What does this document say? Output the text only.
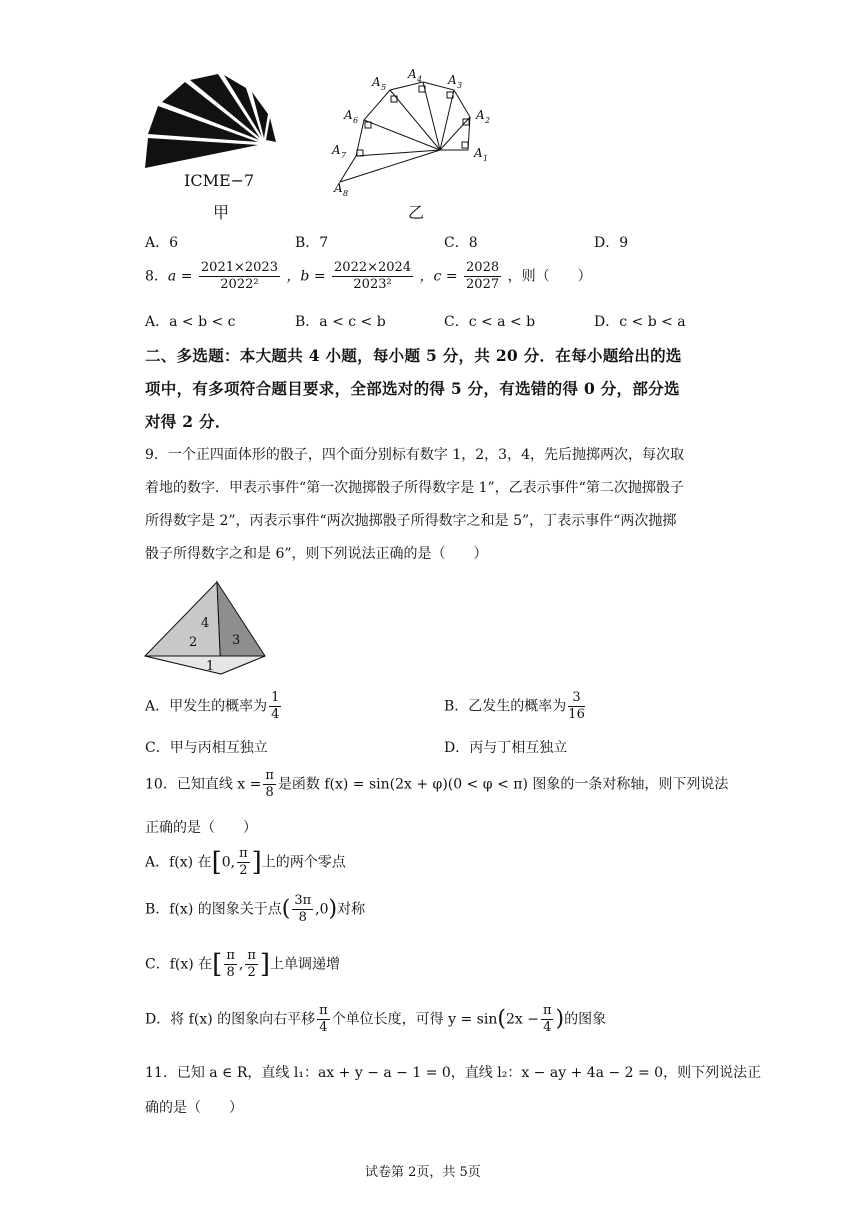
ICME−7
甲
A 1
A 2
A 3
A 4
A 5
A 6
A 7
A 8
乙
A．6	B．7	C．8	D．9
8．$a = \frac{2021\times 2023}{\text{2022²}}$ ，$b = \frac{2022\times 2024}{\text{2023²}}$ ，$c = \frac{2028}{2027}$ ，则（　　）
A．a < b < c	B．a < c < b	C．c < a < b	D．c < b < a
二、多选题：本大题共 4 小题，每小题 5 分，共 20 分．在每小题给出的选
项中，有多项符合题目要求，全部选对的得 5 分，有选错的得 0 分，部分选
对得 2 分．
9．一个正四面体形的骰子，四个面分别标有数字 1，2，3，4，先后抛掷两次，每次取
着地的数字．甲表示事件“第一次抛掷骰子所得数字是 1”，乙表示事件“第二次抛掷骰子
所得数字是 2”，丙表示事件“两次抛掷骰子所得数字之和是 5”，丁表示事件“两次抛掷
骰子所得数字之和是 6”，则下列说法正确的是（　　）
4
2	3
1
A．甲发生的概率为 $\frac{1}{4}$	B．乙发生的概率为 $\frac{3}{16}$
C．甲与丙相互独立	D．丙与丁相互独立
10．已知直线 $x = \frac{\pi}{8}$ 是函数 f(x) = sin(2x + φ)(0 < φ < π) 图象的一条对称轴，则下列说法
正确的是（　　）
A．f(x) 在[0, $\frac{\pi}{2}$ ]上的两个零点
B．f(x) 的图象关于点( $\frac{3\pi}{8} ,0$)对称
C．f(x) 在[ $\frac{\pi}{8}$ , $\frac{\pi}{2}$ ]上单调递增
D．将 f(x) 的图象向右平移 $\frac{\pi}{4}$ 个单位长度，可得 $y = \sin(2x - \frac{\pi}{4}$ )的图象
11．已知 a ∈ R，直线 l₁：ax + y − a − 1 = 0，直线 l₂：x − ay + 4a − 2 = 0，则下列说法正
确的是（　　）
试卷第 2页，共 5页
